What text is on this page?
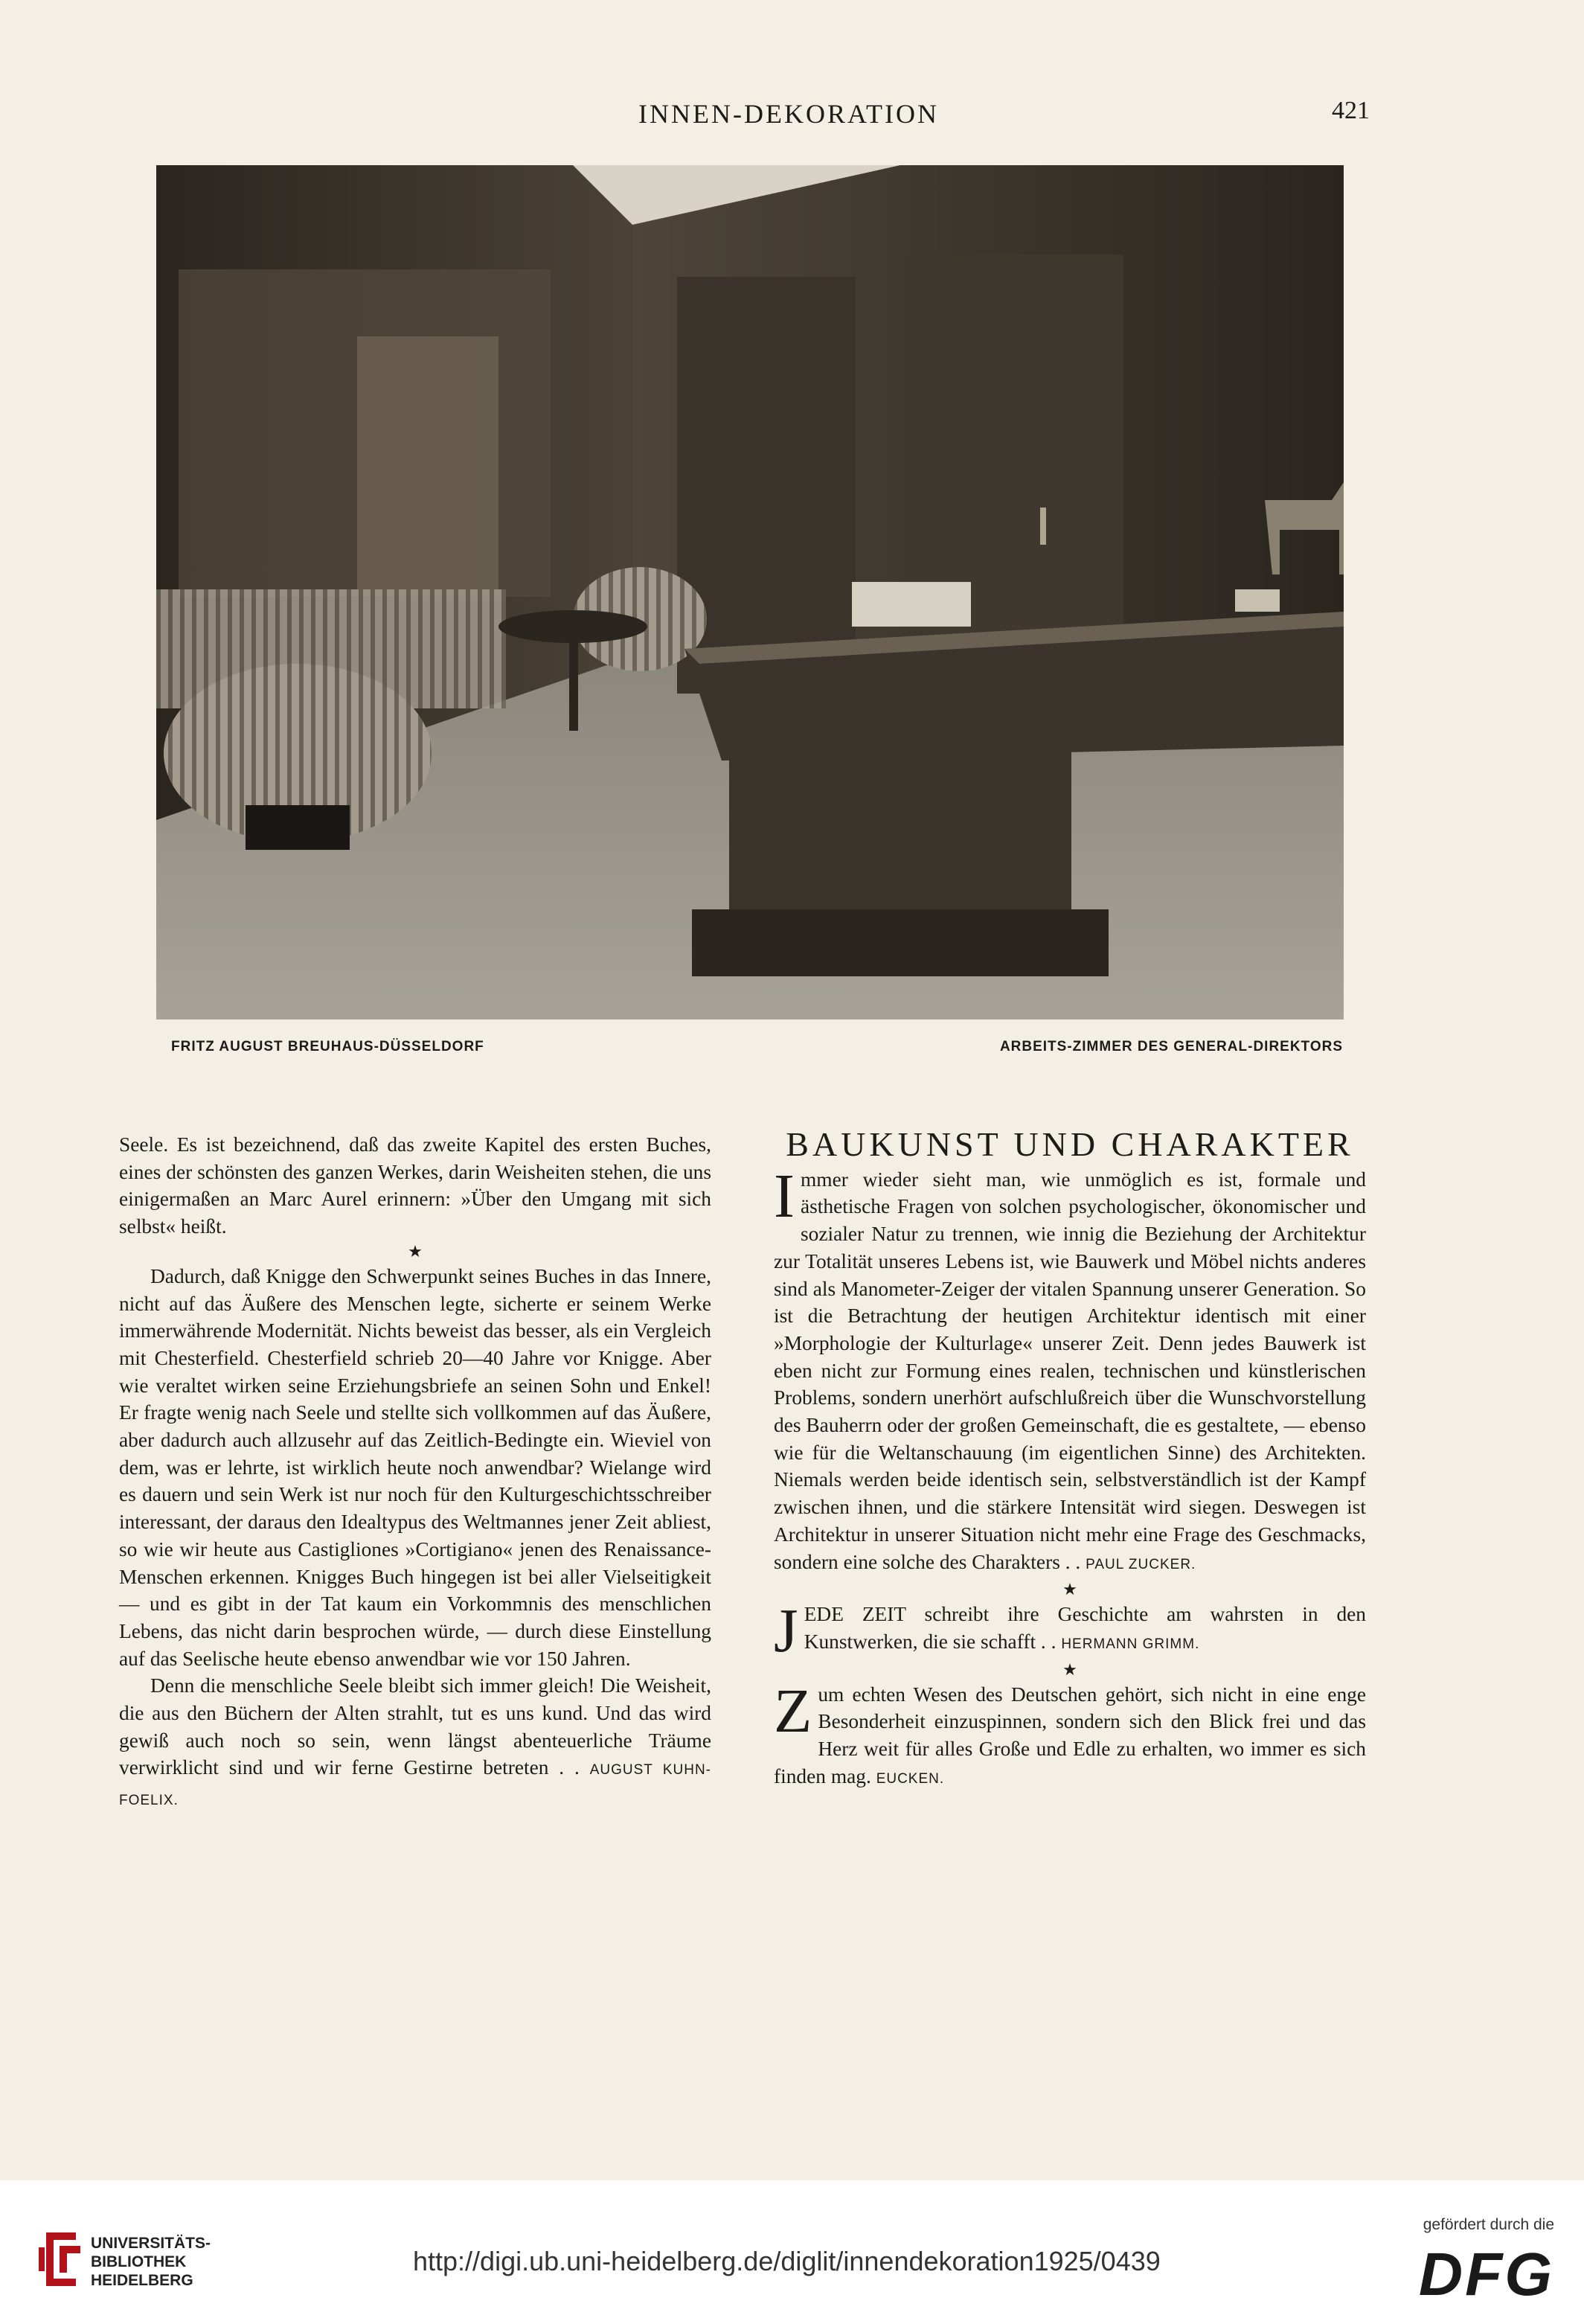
INNEN-DEKORATION	421
FRITZ AUGUST BREUHAUS-DÜSSELDORF	ARBEITS-ZIMMER DES GENERAL-DIREKTORS

Seele. Es ist bezeichnend, daß das zweite Kapitel des ersten Buches, eines der schönsten des ganzen Werkes, darin Weisheiten stehen, die uns einigermaßen an Marc Aurel erinnern: »Über den Umgang mit sich selbst« heißt.

★

Dadurch, daß Knigge den Schwerpunkt seines Buches in das Innere, nicht auf das Äußere des Menschen legte, sicherte er seinem Werke immerwährende Modernität. Nichts beweist das besser, als ein Vergleich mit Chesterfield. Chesterfield schrieb 20—40 Jahre vor Knigge. Aber wie veraltet wirken seine Erziehungsbriefe an seinen Sohn und Enkel! Er fragte wenig nach Seele und stellte sich vollkommen auf das Äußere, aber dadurch auch allzusehr auf das Zeitlich-Bedingte ein. Wieviel von dem, was er lehrte, ist wirklich heute noch anwendbar? Wielange wird es dauern und sein Werk ist nur noch für den Kulturgeschichtsschreiber interessant, der daraus den Idealtypus des Weltmannes jener Zeit abliest, so wie wir heute aus Castigliones »Cortigiano« jenen des Renaissance-Menschen erkennen. Knigges Buch hingegen ist bei aller Vielseitigkeit — und es gibt in der Tat kaum ein Vorkommnis des menschlichen Lebens, das nicht darin besprochen würde, — durch diese Einstellung auf das Seelische heute ebenso anwendbar wie vor 150 Jahren.

Denn die menschliche Seele bleibt sich immer gleich! Die Weisheit, die aus den Büchern der Alten strahlt, tut es uns kund. Und das wird gewiß auch noch so sein, wenn längst abenteuerliche Träume verwirklicht sind und wir ferne Gestirne betreten . . AUGUST KUHN-FOELIX.

BAUKUNST UND CHARAKTER

Immer wieder sieht man, wie unmöglich es ist, formale und ästhetische Fragen von solchen psychologischer, ökonomischer und sozialer Natur zu trennen, wie innig die Beziehung der Architektur zur Totalität unseres Lebens ist, wie Bauwerk und Möbel nichts anderes sind als Manometer-Zeiger der vitalen Spannung unserer Generation. So ist die Betrachtung der heutigen Architektur identisch mit einer »Morphologie der Kulturlage« unserer Zeit. Denn jedes Bauwerk ist eben nicht zur Formung eines realen, technischen und künstlerischen Problems, sondern unerhört aufschlußreich über die Wunschvorstellung des Bauherrn oder der großen Gemeinschaft, die es gestaltete, — ebenso wie für die Weltanschauung (im eigentlichen Sinne) des Architekten. Niemals werden beide identisch sein, selbstverständlich ist der Kampf zwischen ihnen, und die stärkere Intensität wird siegen. Deswegen ist Architektur in unserer Situation nicht mehr eine Frage des Geschmacks, sondern eine solche des Charakters . . PAUL ZUCKER.

★

JEDE ZEIT schreibt ihre Geschichte am wahrsten in den Kunstwerken, die sie schafft . . HERMANN GRIMM.

★

Zum echten Wesen des Deutschen gehört, sich nicht in eine enge Besonderheit einzuspinnen, sondern sich den Blick frei und das Herz weit für alles Große und Edle zu erhalten, wo immer es sich finden mag. EUCKEN.

UNIVERSITÄTS-
BIBLIOTHEK
HEIDELBERG
http://digi.ub.uni-heidelberg.de/diglit/innendekoration1925/0439
gefördert durch die
DFG
